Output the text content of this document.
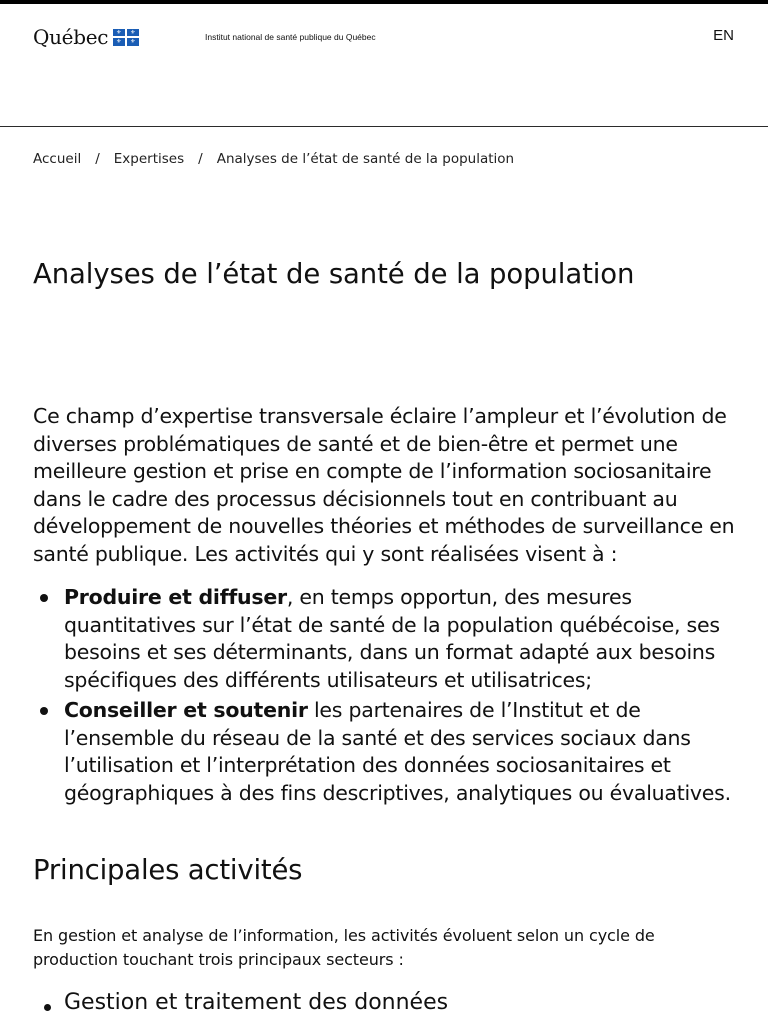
Québec ⚜ ⚜
⚜ ⚜	Institut national de santé publique du Québec	EN
Accueil / Expertises / Analyses de l’état de santé de la population
Analyses de l’état de santé de la population

Ce champ d’expertise transversale éclaire l’ampleur et l’évolution de diverses problématiques de santé et de bien-être et permet une meilleure gestion et prise en compte de l’information sociosanitaire dans le cadre des processus décisionnels tout en contribuant au développement de nouvelles théories et méthodes de surveillance en santé publique. Les activités qui y sont réalisées visent à :

Produire et diffuser, en temps opportun, des mesures quantitatives sur l’état de santé de la population québécoise, ses besoins et ses déterminants, dans un format adapté aux besoins spécifiques des différents utilisateurs et utilisatrices;
Conseiller et soutenir les partenaires de l’Institut et de l’ensemble du réseau de la santé et des services sociaux dans l’utilisation et l’interprétation des données sociosanitaires et géographiques à des fins descriptives, analytiques ou évaluatives.
Principales activités

En gestion et analyse de l’information, les activités évoluent selon un cycle de production touchant trois principaux secteurs :

Gestion et traitement des données
